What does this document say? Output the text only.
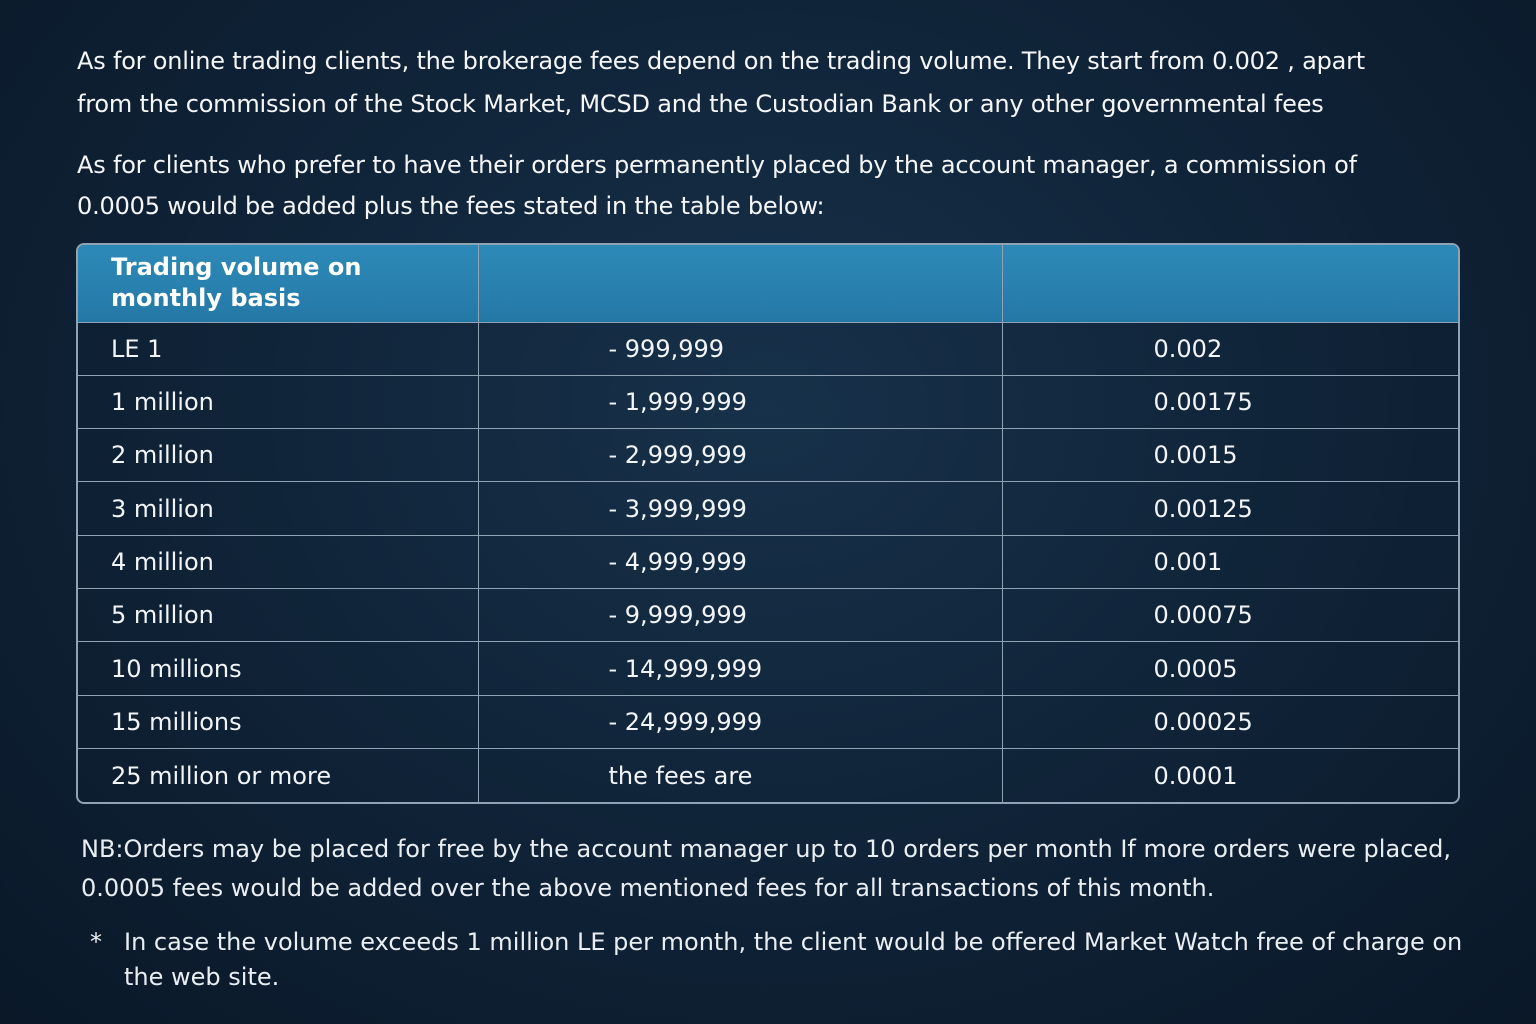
As for online trading clients, the brokerage fees depend on the trading volume. They start from 0.002 , apart from the commission of the Stock Market, MCSD and the Custodian Bank or any other governmental fees

As for clients who prefer to have their orders permanently placed by the account manager, a commission of 0.0005 would be added plus the fees stated in the table below:

Trading volume on monthly basis		
LE 1	- 999,999	0.002
1 million	- 1,999,999	0.00175
2 million	- 2,999,999	0.0015
3 million	- 3,999,999	0.00125
4 million	- 4,999,999	0.001
5 million	- 9,999,999	0.00075
10 millions	- 14,999,999	0.0005
15 millions	- 24,999,999	0.00025
25 million or more	the fees are	0.0001

NB:Orders may be placed for free by the account manager up to 10 orders per month If more orders were placed, 0.0005 fees would be added over the above mentioned fees for all transactions of this month.

* In case the volume exceeds 1 million LE per month, the client would be offered Market Watch free of charge on the web site.
